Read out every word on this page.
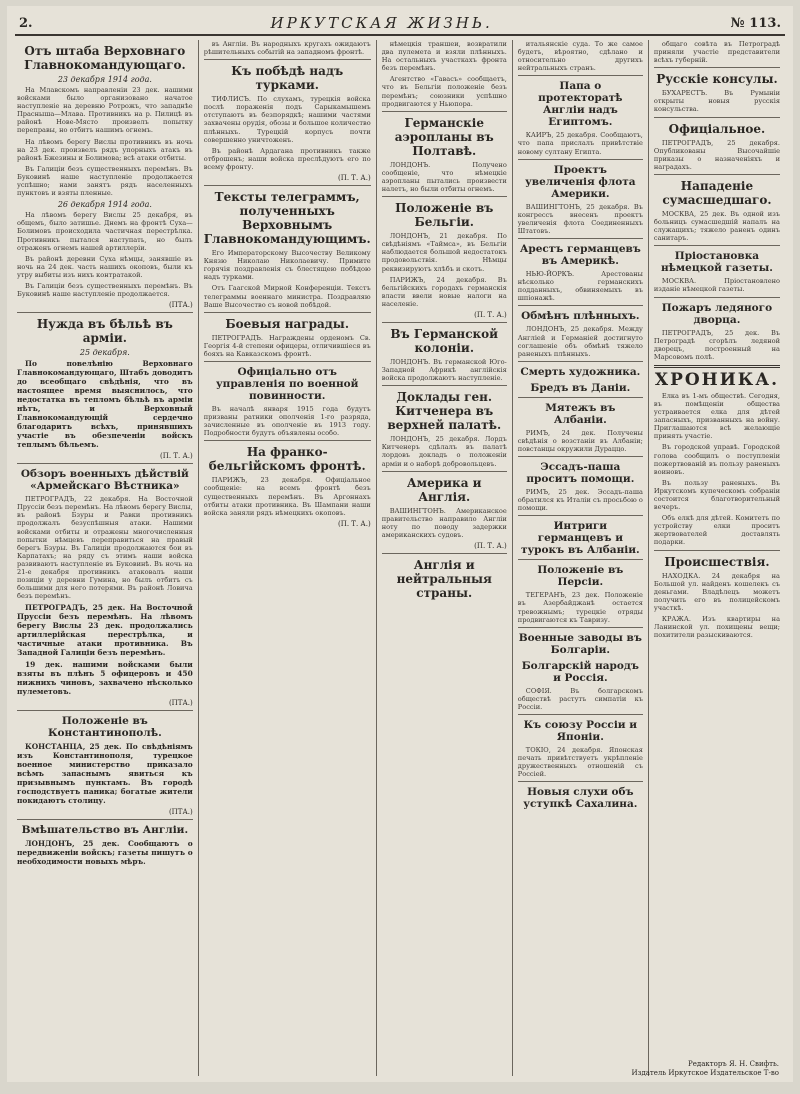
2.	ИРКУТСКАЯ ЖИЗНЬ.	№ 113.
Отъ штаба Верховнаго Главнокомандующаго.
23 декабря 1914 года.

На Млавскомъ направленіи 23 дек. нашими войсками было организовано начатое наступленіе на деревню Ротрожъ, что западнѣе Прасныша—Млава. Противникъ на р. Пилицѣ въ районѣ Нове-Място произвелъ попытку переправы, но отбитъ нашимъ огнемъ.

На лѣвомъ берегу Вислы противникъ въ ночь на 23 дек. произвелъ рядъ упорныхъ атакъ въ районѣ Бжезины и Болимова; всѣ атаки отбиты.

Въ Галиціи безъ существенныхъ перемѣнъ. Въ Буковинѣ наше наступленіе продолжается успѣшно; нами занятъ рядъ населенныхъ пунктовъ и взяты пленные.

26 декабря 1914 года.

На лѣвомъ берегу Вислы 25 декабря, въ общемъ, было затишье. Днемъ на фронтѣ Сухa—Болимовъ происходила частичная перестрѣлка. Противникъ пытался наступать, но былъ отраженъ огнемъ нашей артиллеріи.

Въ районѣ деревни Суха нѣмцы, занявшіе въ ночь на 24 дек. часть нашихъ окоповъ, были къ утру выбиты изъ нихъ контратакой.

Въ Галиціи безъ существенныхъ перемѣнъ. Въ Буковинѣ наше наступленіе продолжается.

(ПТА.)
Нужда въ бѣльѣ въ арміи.
25 декабря.

По повелѣнію Верховнаго Главнокомандующаго, Штабъ доводитъ до всеобщаго свѣдѣнія, что въ настоящее время выяснилось, что недостатка въ тепломъ бѣльѣ въ арміи нѣтъ, и Верховный Главнокомандующій сердечно благодаритъ всѣхъ, принявшихъ участіе въ обезпеченіи войскъ теплымъ бѣльемъ.

(П. Т. А.)
Обзоръ военныхъ дѣйствій «Армейскаго Вѣстника»

ПЕТРОГРАДЪ, 22 декабря. На Восточной Пруссіи безъ перемѣнъ. На лѣвомъ берегу Вислы, въ районѣ Бзуры и Равки противникъ продолжалъ безуспѣшныя атаки. Нашими войсками отбиты и отражены многочисленныя попытки нѣмцевъ переправиться на правый берегъ Бзуры. Въ Галиціи продолжаются бои въ Карпатахъ; на ряду съ этимъ наши войска развиваютъ наступленіе въ Буковинѣ. Въ ночь на 21-е декабря противникъ атаковалъ наши позиціи у деревни Гумина, но былъ отбитъ съ большими для него потерями. Въ районѣ Ловича безъ перемѣнъ.

ПЕТРОГРАДЪ, 25 дек. На Восточной Пруссіи безъ перемѣнъ. На лѣвомъ берегу Вислы 23 дек. продолжались артиллерійская перестрѣлка, и частичные атаки противника. Въ Западной Галиціи безъ перемѣнъ.

19 дек. нашими войсками были взяты въ плѣнъ 5 офицеровъ и 450 нижнихъ чиновъ, захвачено нѣсколько пулеметовъ.

(ПТА.)
Положеніе въ Константинополѣ.

КОНСТАНЦА, 25 дек. По свѣдѣніямъ изъ Константинополя, турецкое военное министерство приказало всѣмъ запаснымъ явиться къ призывнымъ пунктамъ. Въ городѣ господствуетъ паника; богатые жители покидаютъ столицу.

(ПТА.)
Вмѣшательство въ Англіи.

ЛОНДОНЪ, 25 дек. Сообщаютъ о передвиженіи войскъ; газеты пишутъ о необходимости новыхъ мѣръ.

въ Англіи. Въ народныхъ кругахъ ожидаютъ рѣшительныхъ событій на западномъ фронтѣ.

Къ побѣдѣ надъ турками.

ТИФЛИСЪ. По слухамъ, турецкія войска послѣ пораженія подъ Сарыкамышемъ отступаютъ въ безпорядкѣ; нашими частями захвачены орудія, обозы и большое количество плѣнныхъ. Турецкій корпусъ почти совершенно уничтоженъ.

Въ районѣ Ардагана противникъ также отброшенъ; наши войска преслѣдуютъ его по всему фронту.

(П. Т. А.)
Тексты телеграммъ, полученныхъ Верховнымъ Главнокомандующимъ.

Его Императорскому Высочеству Великому Князю Николаю Николаевичу. Примите горячія поздравленія съ блестящею побѣдою надъ турками.

Отъ Гаагской Мирной Конференціи. Текстъ телеграммы военнаго министра. Поздравляю Ваше Высочество съ новой побѣдой.

Боевыя награды.

ПЕТРОГРАДЪ. Награждены орденомъ Св. Георгія 4-й степени офицеры, отличившіеся въ бояхъ на Кавказскомъ фронтѣ.

Офиціально отъ управленія по военной повинности.

Въ началѣ января 1915 года будутъ призваны ратники ополченія 1-го разряда, зачисленные въ ополченіе въ 1913 году. Подробности будутъ объявлены особо.

На франко-бельгійскомъ фронтѣ.

ПАРИЖЪ, 23 декабря. Офиціальное сообщеніе: на всемъ фронтѣ безъ существенныхъ перемѣнъ. Въ Аргоннахъ отбиты атаки противника. Въ Шампани наши войска заняли рядъ нѣмецкихъ окоповъ.

(П. Т. А.)

нѣмецкія траншеи, возвратили два пулемета и взяли плѣнныхъ. На остальныхъ участкахъ фронта безъ перемѣнъ.

Агентство «Гавасъ» сообщаетъ, что въ Бельгіи положеніе безъ перемѣнъ; союзники успѣшно продвигаются у Ньюпора.

Германскіе аэропланы въ Полтавѣ.

ЛОНДОНЪ. Получено сообщеніе, что нѣмецкіе аэропланы пытались произвести налетъ, но были отбиты огнемъ.

Положеніе въ Бельгіи.

ЛОНДОНЪ, 21 декабря. По свѣдѣніямъ «Таймса», въ Бельгіи наблюдается большой недостатокъ продовольствія. Нѣмцы реквизируютъ хлѣбъ и скотъ.

ПАРИЖЪ, 24 декабря. Въ бельгійскихъ городахъ германскія власти ввели новые налоги на населеніе.

(П. Т. А.)
Въ Германской колоніи.

ЛОНДОНЪ. Въ германской Юго-Западной Африкѣ англійскія войска продолжаютъ наступленіе.

Доклады ген. Китченера въ верхней палатѣ.

ЛОНДОНЪ, 25 декабря. Лордъ Китченеръ сдѣлалъ въ палатѣ лордовъ докладъ о положеніи арміи и о наборѣ добровольцевъ.

Америка и Англія.

ВАШИНГТОНЪ. Американское правительство направило Англіи ноту по поводу задержки американскихъ судовъ.

(П. Т. А.)
Англія и нейтральныя страны.

итальянскіе суда. То же самое будетъ, вѣроятно, сдѣлано и относительно другихъ нейтральныхъ странъ.

Папа о протекторатѣ Англіи надъ Египтомъ.

КАИРЪ, 25 декабря. Сообщаютъ, что папа прислалъ привѣтствіе новому султану Египта.

Проектъ увеличенія флота Америки.

ВАШИНГТОНЪ, 25 декабря. Въ конгрессъ внесенъ проектъ увеличенія флота Соединенныхъ Штатовъ.

Арестъ германцевъ въ Америкѣ.

НЬЮ-ЙОРКЪ. Арестованы нѣсколько германскихъ подданныхъ, обвиняемыхъ въ шпіонажѣ.

Обмѣнъ плѣнныхъ.

ЛОНДОНЪ, 25 декабря. Между Англіей и Германіей достигнуто соглашеніе объ обмѣнѣ тяжело раненыхъ плѣнныхъ.

Смерть художника.
Бредъ въ Даніи.
Мятежъ въ Албаніи.

РИМЪ, 24 дек. Получены свѣдѣнія о возстаніи въ Албаніи; повстанцы окружили Дураццо.

Эссадъ-паша проситъ помощи.

РИМЪ, 25 дек. Эссадъ-паша обратился къ Италіи съ просьбою о помощи.

Интриги германцевъ и турокъ въ Албаніи.
Положеніе въ Персіи.

ТЕГЕРАНЪ, 23 дек. Положеніе въ Азербайджанѣ остается тревожнымъ; турецкіе отряды продвигаются къ Тавризу.

Военные заводы въ Болгаріи.
Болгарскій народъ и Россія.

СОФІЯ. Въ болгарскомъ обществѣ растутъ симпатіи къ Россіи.

Къ союзу Россіи и Японіи.

ТОКІО, 24 декабря. Японская печать привѣтствуетъ укрѣпленіе дружественныхъ отношеній съ Россіей.

Новыя слухи объ уступкѣ Сахалина.

общаго совѣта въ Петроградѣ приняли участіе представители всѣхъ губерній.

Русскіе консулы.

БУХАРЕСТЪ. Въ Румыніи открыты новыя русскія консульства.

Офиціальное.

ПЕТРОГРАДЪ, 25 декабря. Опубликованы Высочайшіе приказы о назначеніяхъ и наградахъ.

Нападеніе сумасшедшаго.

МОСКВА, 25 дек. Въ одной изъ больницъ сумасшедшій напалъ на служащихъ; тяжело раненъ одинъ санитаръ.

Пріостановка нѣмецкой газеты.

МОСКВА. Пріостановлено изданіе нѣмецкой газеты.

Пожаръ ледяного дворца.

ПЕТРОГРАДЪ, 25 дек. Въ Петроградѣ сгорѣлъ ледяной дворецъ, построенный на Марсовомъ полѣ.

ХРОНИКА.

Елка въ 1-мъ обществѣ. Сегодня, въ помѣщеніи общества устраивается елка для дѣтей запасныхъ, призванныхъ на войну. Приглашаются всѣ желающіе принять участіе.

Въ городской управѣ. Городской голова сообщилъ о поступленіи пожертвованій въ пользу раненыхъ воиновъ.

Въ пользу раненыхъ. Въ Иркутскомъ купеческомъ собраніи состоится благотворительный вечеръ.

Объ елкѣ для дѣтей. Комитетъ по устройству елки проситъ жертвователей доставлять подарки.

Происшествія.

НАХОДКА. 24 декабря на Большой ул. найденъ кошелекъ съ деньгами. Владѣлецъ можетъ получить его въ полицейскомъ участкѣ.

КРАЖА. Изъ квартиры на Ланинской ул. похищены вещи; похитители разыскиваются.

Редакторъ Я. Н. Свифть.
Издатель Иркутское Издательское Т-во
